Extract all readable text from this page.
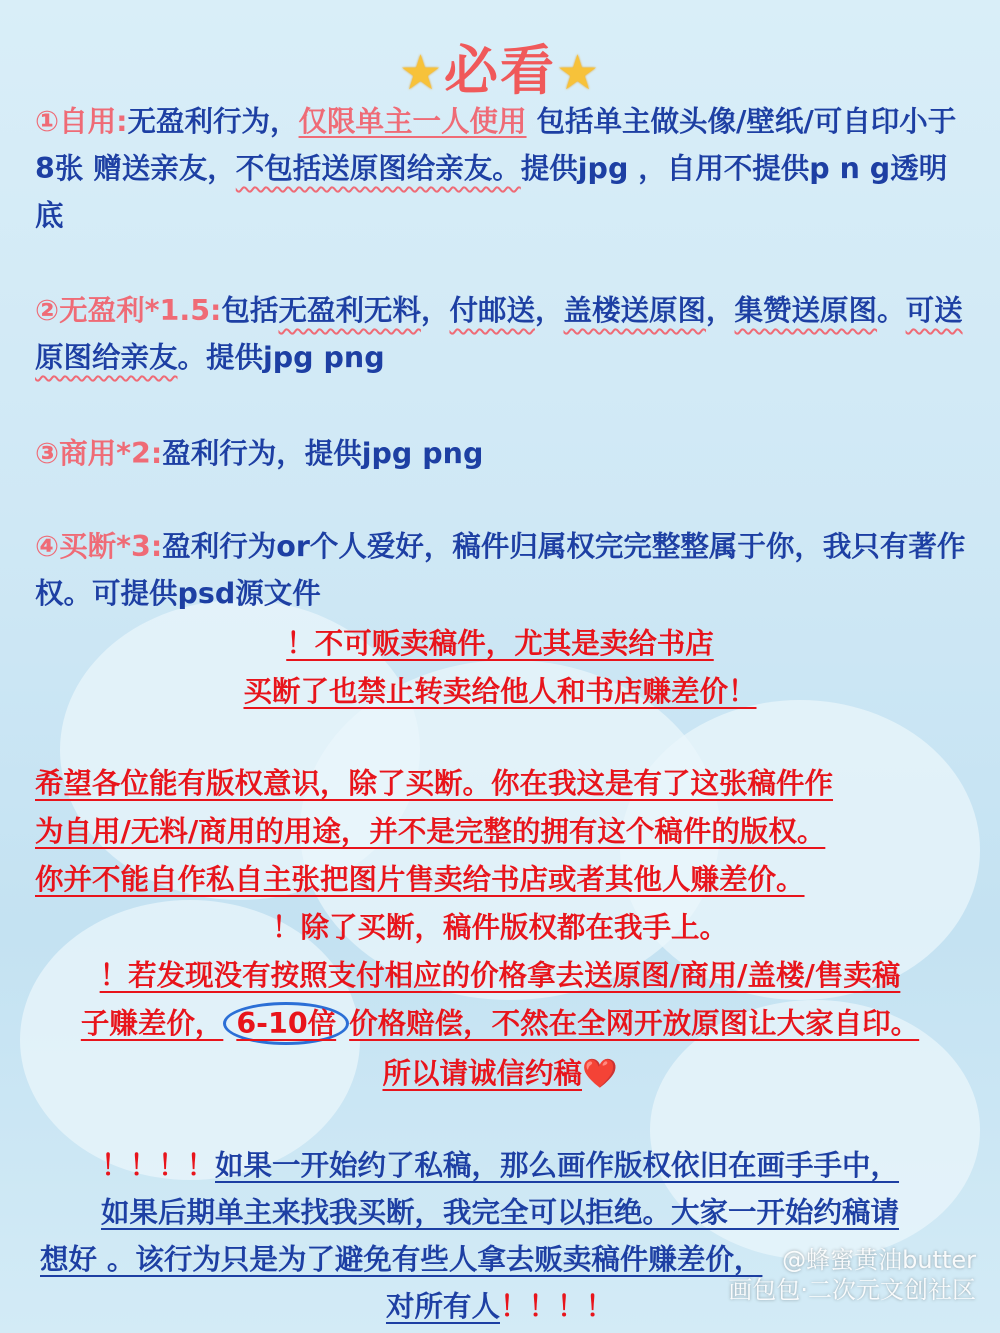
★必看★
①自用:无盈利行为，仅限单主一人使用 包括单主做头像/壁纸/可自印小于8张 赠送亲友，不包括送原图给亲友。提供jpg ，自用不提供p n g透明底
②无盈利*1.5:包括无盈利无料，付邮送，盖楼送原图，集赞送原图。可送原图给亲友。提供jpg png
③商用*2:盈利行为，提供jpg png
④买断*3:盈利行为or个人爱好，稿件归属权完完整整属于你，我只有著作权。可提供psd源文件
！不可贩卖稿件，尤其是卖给书店
买断了也禁止转卖给他人和书店赚差价！
希望各位能有版权意识，除了买断。你在我这是有了这张稿件作
为自用/无料/商用的用途，并不是完整的拥有这个稿件的版权。
你并不能自作私自主张把图片售卖给书店或者其他人赚差价。
！除了买断，稿件版权都在我手上。
！若发现没有按照支付相应的价格拿去送原图/商用/盖楼/售卖稿
子赚差价， 6-10倍 价格赔偿，不然在全网开放原图让大家自印。
所以请诚信约稿❤️
！！！！如果一开始约了私稿，那么画作版权依旧在画手手中，
如果后期单主来找我买断，我完全可以拒绝。大家一开始约稿请
想好 。该行为只是为了避免有些人拿去贩卖稿件赚差价，
对所有人！！！！
@蜂蜜黄油butter
画包包·二次元文创社区
